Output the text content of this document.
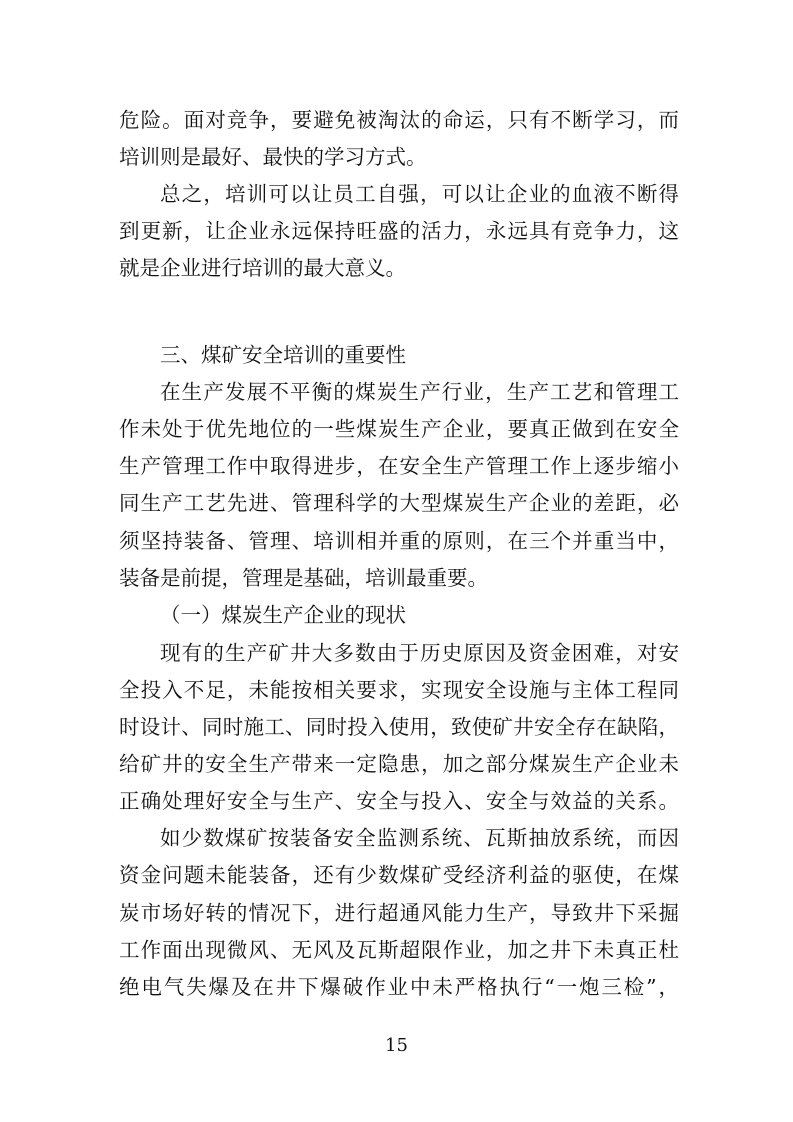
危险。面对竞争，要避免被淘汰的命运，只有不断学习，而
培训则是最好、最快的学习方式。
总之，培训可以让员工自强，可以让企业的血液不断得
到更新，让企业永远保持旺盛的活力，永远具有竞争力，这
就是企业进行培训的最大意义。
三、煤矿安全培训的重要性
在生产发展不平衡的煤炭生产行业，生产工艺和管理工
作未处于优先地位的一些煤炭生产企业，要真正做到在安全
生产管理工作中取得进步，在安全生产管理工作上逐步缩小
同生产工艺先进、管理科学的大型煤炭生产企业的差距，必
须坚持装备、管理、培训相并重的原则，在三个并重当中，
装备是前提，管理是基础，培训最重要。
（一）煤炭生产企业的现状
现有的生产矿井大多数由于历史原因及资金困难，对安
全投入不足，未能按相关要求，实现安全设施与主体工程同
时设计、同时施工、同时投入使用，致使矿井安全存在缺陷，
给矿井的安全生产带来一定隐患，加之部分煤炭生产企业未
正确处理好安全与生产、安全与投入、安全与效益的关系。
如少数煤矿按装备安全监测系统、瓦斯抽放系统，而因
资金问题未能装备，还有少数煤矿受经济利益的驱使，在煤
炭市场好转的情况下，进行超通风能力生产，导致井下采掘
工作面出现微风、无风及瓦斯超限作业，加之井下未真正杜
绝电气失爆及在井下爆破作业中未严格执行“一炮三检”，
15
